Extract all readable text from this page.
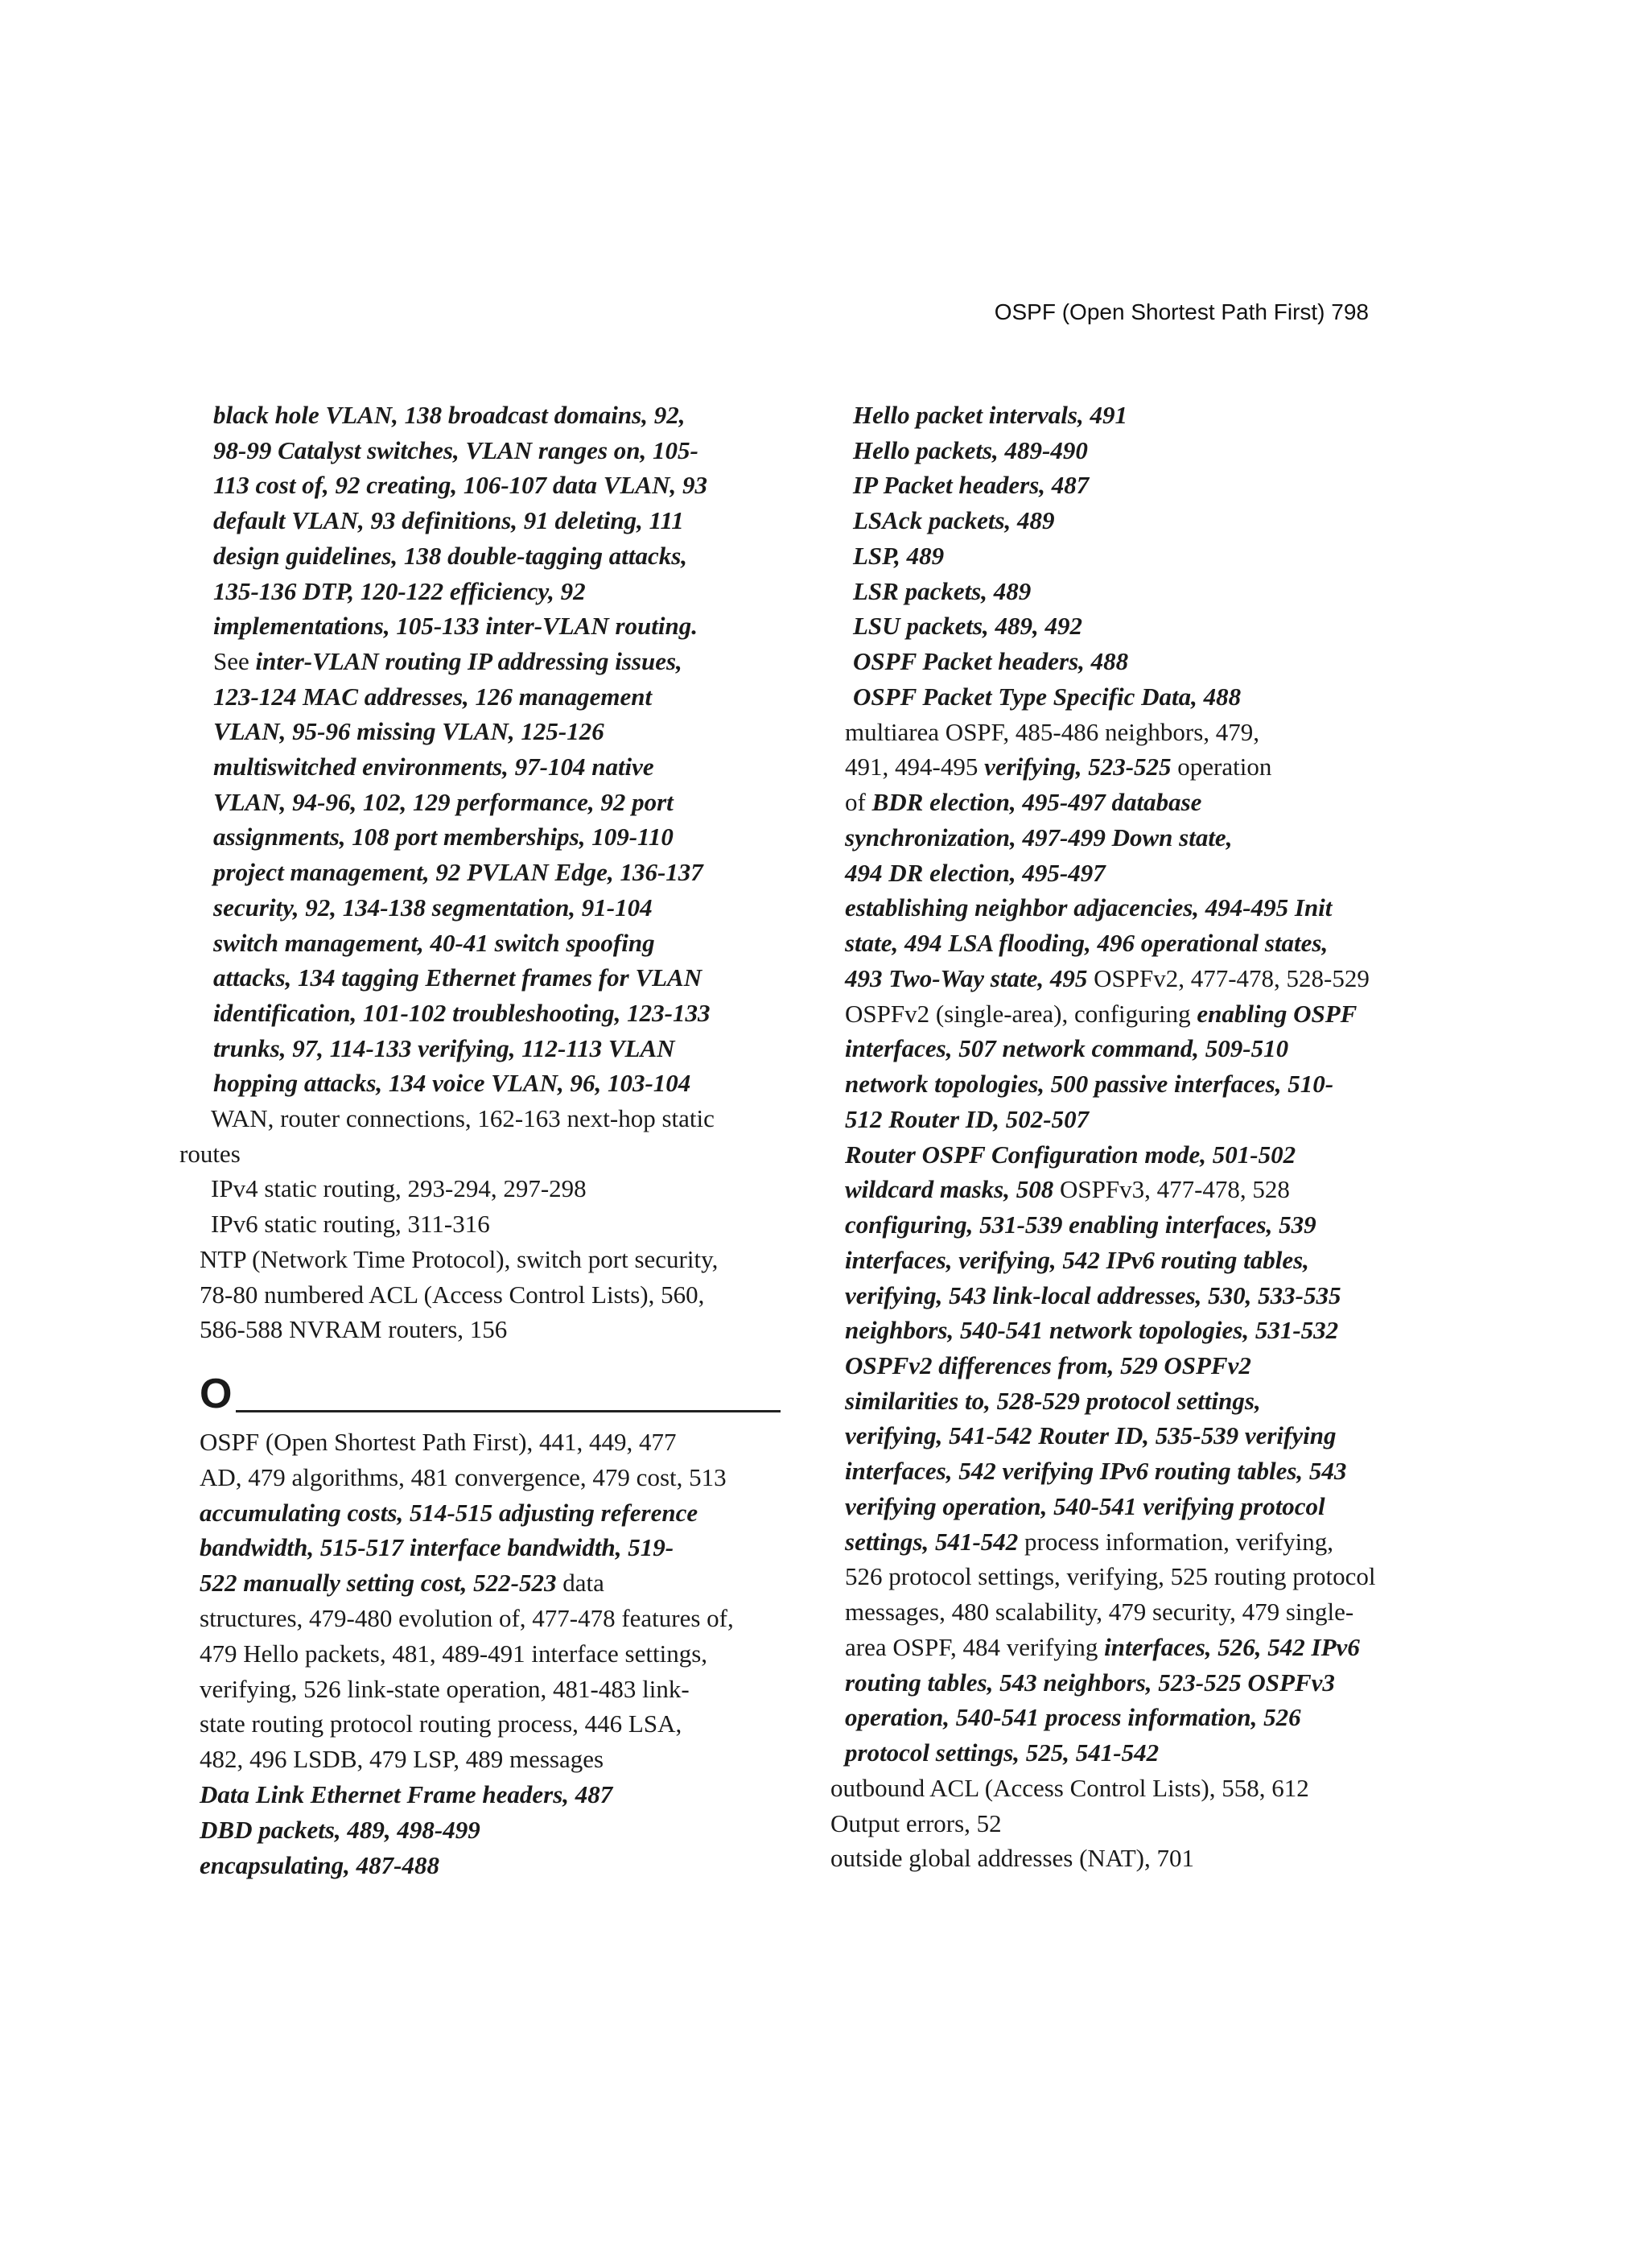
OSPF (Open Shortest Path First) 798
black hole VLAN, 138 broadcast domains, 92,
98-99 Catalyst switches, VLAN ranges on, 105-
113 cost of, 92 creating, 106-107 data VLAN, 93
default VLAN, 93 definitions, 91 deleting, 111
design guidelines, 138 double-tagging attacks,
135-136 DTP, 120-122 efficiency, 92
implementations, 105-133 inter-VLAN routing.
See inter-VLAN routing IP addressing issues,
123-124 MAC addresses, 126 management
VLAN, 95-96 missing VLAN, 125-126
multiswitched environments, 97-104 native
VLAN, 94-96, 102, 129 performance, 92 port
assignments, 108 port memberships, 109-110
project management, 92 PVLAN Edge, 136-137
security, 92, 134-138 segmentation, 91-104
switch management, 40-41 switch spoofing
attacks, 134 tagging Ethernet frames for VLAN
identification, 101-102 troubleshooting, 123-133
trunks, 97, 114-133 verifying, 112-113 VLAN
hopping attacks, 134 voice VLAN, 96, 103-104
WAN, router connections, 162-163 next-hop static
routes
IPv4 static routing, 293-294, 297-298
IPv6 static routing, 311-316
NTP (Network Time Protocol), switch port security,
78-80 numbered ACL (Access Control Lists), 560,
586-588 NVRAM routers, 156
O
OSPF (Open Shortest Path First), 441, 449, 477
AD, 479 algorithms, 481 convergence, 479 cost, 513
accumulating costs, 514-515 adjusting reference
bandwidth, 515-517 interface bandwidth, 519-
522 manually setting cost, 522-523 data
structures, 479-480 evolution of, 477-478 features of,
479 Hello packets, 481, 489-491 interface settings,
verifying, 526 link-state operation, 481-483 link-
state routing protocol routing process, 446 LSA,
482, 496 LSDB, 479 LSP, 489 messages
Data Link Ethernet Frame headers, 487
DBD packets, 489, 498-499
encapsulating, 487-488
Hello packet intervals, 491
Hello packets, 489-490
IP Packet headers, 487
LSAck packets, 489
LSP, 489
LSR packets, 489
LSU packets, 489, 492
OSPF Packet headers, 488
OSPF Packet Type Specific Data, 488
multiarea OSPF, 485-486 neighbors, 479,
491, 494-495 verifying, 523-525 operation
of BDR election, 495-497 database
synchronization, 497-499 Down state,
494 DR election, 495-497
establishing neighbor adjacencies, 494-495 Init
state, 494 LSA flooding, 496 operational states,
493 Two-Way state, 495 OSPFv2, 477-478, 528-529
OSPFv2 (single-area), configuring enabling OSPF
interfaces, 507 network command, 509-510
network topologies, 500 passive interfaces, 510-
512 Router ID, 502-507
Router OSPF Configuration mode, 501-502
wildcard masks, 508 OSPFv3, 477-478, 528
configuring, 531-539 enabling interfaces, 539
interfaces, verifying, 542 IPv6 routing tables,
verifying, 543 link-local addresses, 530, 533-535
neighbors, 540-541 network topologies, 531-532
OSPFv2 differences from, 529 OSPFv2
similarities to, 528-529 protocol settings,
verifying, 541-542 Router ID, 535-539 verifying
interfaces, 542 verifying IPv6 routing tables, 543
verifying operation, 540-541 verifying protocol
settings, 541-542 process information, verifying,
526 protocol settings, verifying, 525 routing protocol
messages, 480 scalability, 479 security, 479 single-
area OSPF, 484 verifying interfaces, 526, 542 IPv6
routing tables, 543 neighbors, 523-525 OSPFv3
operation, 540-541 process information, 526
protocol settings, 525, 541-542
outbound ACL (Access Control Lists), 558, 612
Output errors, 52
outside global addresses (NAT), 701
